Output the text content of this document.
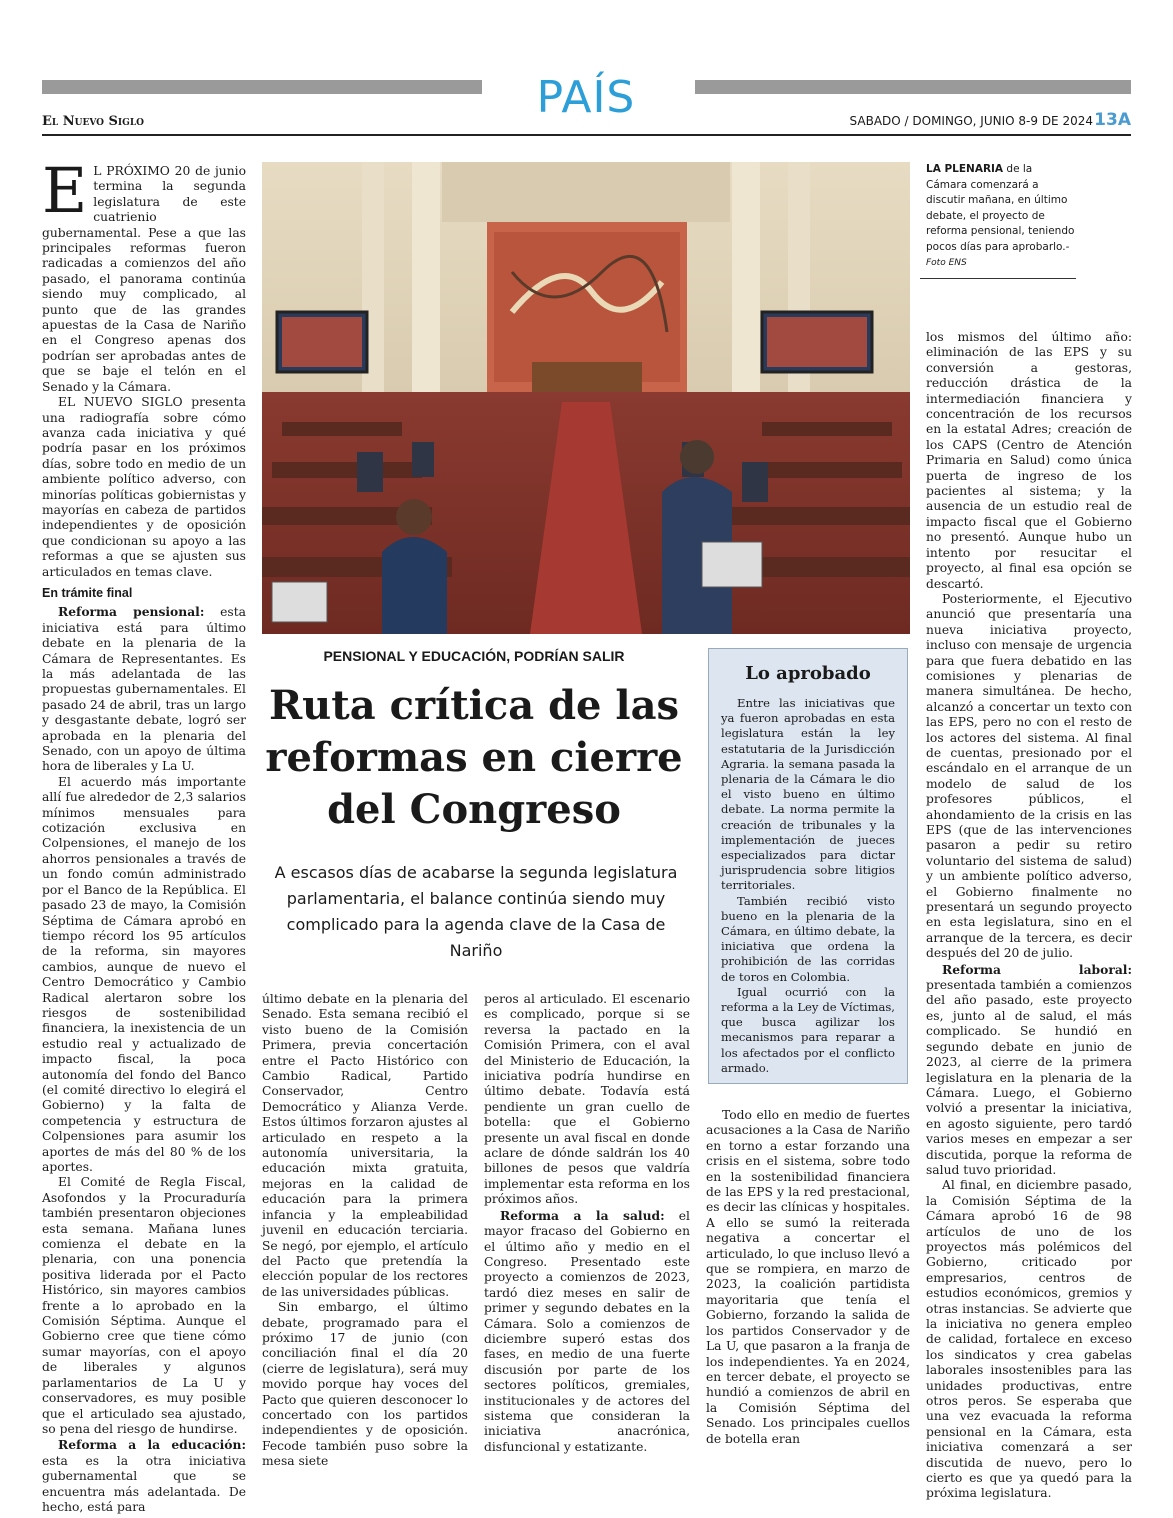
PAÍS
El Nuevo Siglo	SABADO / DOMINGO, JUNIO 8-9 DE 2024 13A

E L PRÓXIMO 20 de junio termina la segunda legislatura de este cuatrienio gubernamental. Pese a que las principales reformas fueron radicadas a comienzos del año pasado, el panorama continúa siendo muy complicado, al punto que de las grandes apuestas de la Casa de Nariño en el Congreso apenas dos podrían ser aprobadas antes de que se baje el telón en el Senado y la Cámara.

EL NUEVO SIGLO presenta una radiografía sobre cómo avanza cada iniciativa y qué podría pasar en los próximos días, sobre todo en medio de un ambiente político adverso, con minorías políticas gobiernistas y mayorías en cabeza de partidos independientes y de oposición que condicionan su apoyo a las reformas a que se ajusten sus articulados en temas clave.

En trámite final

Reforma pensional: esta iniciativa está para último debate en la plenaria de la Cámara de Representantes. Es la más adelantada de las propuestas gubernamentales. El pasado 24 de abril, tras un largo y desgastante debate, logró ser aprobada en la plenaria del Senado, con un apoyo de última hora de liberales y La U.

El acuerdo más importante allí fue alrededor de 2,3 salarios mínimos mensuales para cotización exclusiva en Colpensiones, el manejo de los ahorros pensionales a través de un fondo común administrado por el Banco de la República. El pasado 23 de mayo, la Comisión Séptima de Cámara aprobó en tiempo récord los 95 artículos de la reforma, sin mayores cambios, aunque de nuevo el Centro Democrático y Cambio Radical alertaron sobre los riesgos de sostenibilidad financiera, la inexistencia de un estudio real y actualizado de impacto fiscal, la poca autonomía del fondo del Banco (el comité directivo lo elegirá el Gobierno) y la falta de competencia y estructura de Colpensiones para asumir los aportes de más del 80 % de los aportes.

El Comité de Regla Fiscal, Asofondos y la Procuraduría también presentaron objeciones esta semana. Mañana lunes comienza el debate en la plenaria, con una ponencia positiva liderada por el Pacto Histórico, sin mayores cambios frente a lo aprobado en la Comisión Séptima. Aunque el Gobierno cree que tiene cómo sumar mayorías, con el apoyo de liberales y algunos parlamentarios de La U y conservadores, es muy posible que el articulado sea ajustado, so pena del riesgo de hundirse.

Reforma a la educación: esta es la otra iniciativa gubernamental que se encuentra más adelantada. De hecho, está para

LA PLENARIA de la Cámara comenzará a discutir mañana, en último debate, el proyecto de reforma pensional, teniendo pocos días para aprobarlo.- Foto ENS
PENSIONAL Y EDUCACIÓN, PODRÍAN SALIR
Ruta crítica de las reformas en cierre del Congreso
A escasos días de acabarse la segunda legislatura parlamentaria, el balance continúa siendo muy complicado para la agenda clave de la Casa de Nariño

último debate en la plenaria del Senado. Esta semana recibió el visto bueno de la Comisión Primera, previa concertación entre el Pacto Histórico con Cambio Radical, Partido Conservador, Centro Democrático y Alianza Verde. Estos últimos forzaron ajustes al articulado en respeto a la autonomía universitaria, la educación mixta gratuita, mejoras en la calidad de educación para la primera infancia y la empleabilidad juvenil en educación terciaria. Se negó, por ejemplo, el artículo del Pacto que pretendía la elección popular de los rectores de las universidades públicas.

Sin embargo, el último debate, programado para el próximo 17 de junio (con conciliación final el día 20 (cierre de legislatura), será muy movido porque hay voces del Pacto que quieren desconocer lo concertado con los partidos independientes y de oposición. Fecode también puso sobre la mesa siete

peros al articulado. El escenario es complicado, porque si se reversa la pactado en la Comisión Primera, con el aval del Ministerio de Educación, la iniciativa podría hundirse en último debate. Todavía está pendiente un gran cuello de botella: que el Gobierno presente un aval fiscal en donde aclare de dónde saldrán los 40 billones de pesos que valdría implementar esta reforma en los próximos años.

Reforma a la salud: el mayor fracaso del Gobierno en el último año y medio en el Congreso. Presentado este proyecto a comienzos de 2023, tardó diez meses en salir de primer y segundo debates en la Cámara. Solo a comienzos de diciembre superó estas dos fases, en medio de una fuerte discusión por parte de los sectores políticos, gremiales, institucionales y de actores del sistema que consideran la iniciativa anacrónica, disfuncional y estatizante.

Lo aprobado

Entre las iniciativas que ya fueron aprobadas en esta legislatura están la ley estatutaria de la Jurisdicción Agraria. la semana pasada la plenaria de la Cámara le dio el visto bueno en último debate. La norma permite la creación de tribunales y la implementación de jueces especializados para dictar jurisprudencia sobre litigios territoriales.

También recibió visto bueno en la plenaria de la Cámara, en último debate, la iniciativa que ordena la prohibición de las corridas de toros en Colombia.

Igual ocurrió con la reforma a la Ley de Víctimas, que busca agilizar los mecanismos para reparar a los afectados por el conflicto armado.

Todo ello en medio de fuertes acusaciones a la Casa de Nariño en torno a estar forzando una crisis en el sistema, sobre todo en la sostenibilidad financiera de las EPS y la red prestacional, es decir las clínicas y hospitales. A ello se sumó la reiterada negativa a concertar el articulado, lo que incluso llevó a que se rompiera, en marzo de 2023, la coalición partidista mayoritaria que tenía el Gobierno, forzando la salida de los partidos Conservador y de La U, que pasaron a la franja de los independientes. Ya en 2024, en tercer debate, el proyecto se hundió a comienzos de abril en la Comisión Séptima del Senado. Los principales cuellos de botella eran

los mismos del último año: eliminación de las EPS y su conversión a gestoras, reducción drástica de la intermediación financiera y concentración de los recursos en la estatal Adres; creación de los CAPS (Centro de Atención Primaria en Salud) como única puerta de ingreso de los pacientes al sistema; y la ausencia de un estudio real de impacto fiscal que el Gobierno no presentó. Aunque hubo un intento por resucitar el proyecto, al final esa opción se descartó.

Posteriormente, el Ejecutivo anunció que presentaría una nueva iniciativa proyecto, incluso con mensaje de urgencia para que fuera debatido en las comisiones y plenarias de manera simultánea. De hecho, alcanzó a concertar un texto con las EPS, pero no con el resto de los actores del sistema. Al final de cuentas, presionado por el escándalo en el arranque de un modelo de salud de los profesores públicos, el ahondamiento de la crisis en las EPS (que de las intervenciones pasaron a pedir su retiro voluntario del sistema de salud) y un ambiente político adverso, el Gobierno finalmente no presentará un segundo proyecto en esta legislatura, sino en el arranque de la tercera, es decir después del 20 de julio.

Reforma laboral: presentada también a comienzos del año pasado, este proyecto es, junto al de salud, el más complicado. Se hundió en segundo debate en junio de 2023, al cierre de la primera legislatura en la plenaria de la Cámara. Luego, el Gobierno volvió a presentar la iniciativa, en agosto siguiente, pero tardó varios meses en empezar a ser discutida, porque la reforma de salud tuvo prioridad.

Al final, en diciembre pasado, la Comisión Séptima de la Cámara aprobó 16 de 98 artículos de uno de los proyectos más polémicos del Gobierno, criticado por empresarios, centros de estudios económicos, gremios y otras instancias. Se advierte que la iniciativa no genera empleo de calidad, fortalece en exceso los sindicatos y crea gabelas laborales insostenibles para las unidades productivas, entre otros peros. Se esperaba que una vez evacuada la reforma pensional en la Cámara, esta iniciativa comenzará a ser discutida de nuevo, pero lo cierto es que ya quedó para la próxima legislatura.
